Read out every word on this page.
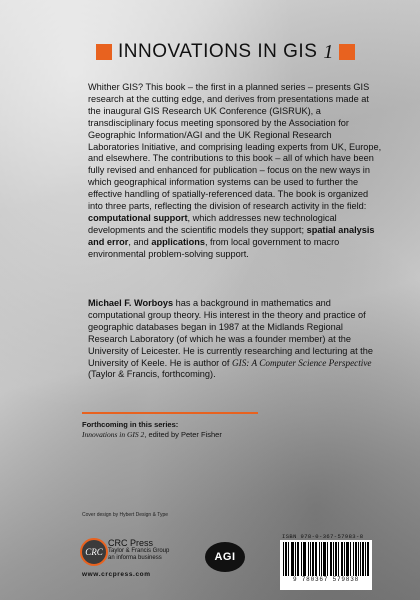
INNOVATIONS IN GIS 1
Whither GIS? This book – the first in a planned series – presents GIS research at the cutting edge, and derives from presentations made at the inaugural GIS Research UK Conference (GISRUK), a transdisciplinary focus meeting sponsored by the Association for Geographic Information/AGI and the UK Regional Research Laboratories Initiative, and comprising leading experts from UK, Europe, and elsewhere. The contributions to this book – all of which have been fully revised and enhanced for publication – focus on the new ways in which geographical information systems can be used to further the effective handling of spatially-referenced data. The book is organized into three parts, reflecting the division of research activity in the field: computational support, which addresses new technological developments and the scientific models they support; spatial analysis and error, and applications, from local government to macro environmental problem-solving support.
Michael F. Worboys has a background in mathematics and computational group theory. His interest in the theory and practice of geographic databases began in 1987 at the Midlands Regional Research Laboratory (of which he was a founder member) at the University of Leicester. He is currently researching and lecturing at the University of Keele. He is author of GIS: A Computer Science Perspective (Taylor & Francis, forthcoming).
Forthcoming in this series:
Innovations in GIS 2, edited by Peter Fisher
Cover design by Hybert Design & Type
CRC
CRC Press
Taylor & Francis Group
an informa business
www.crcpress.com
AGI
ISBN 978-0-367-57983-8
9 780367 579838
